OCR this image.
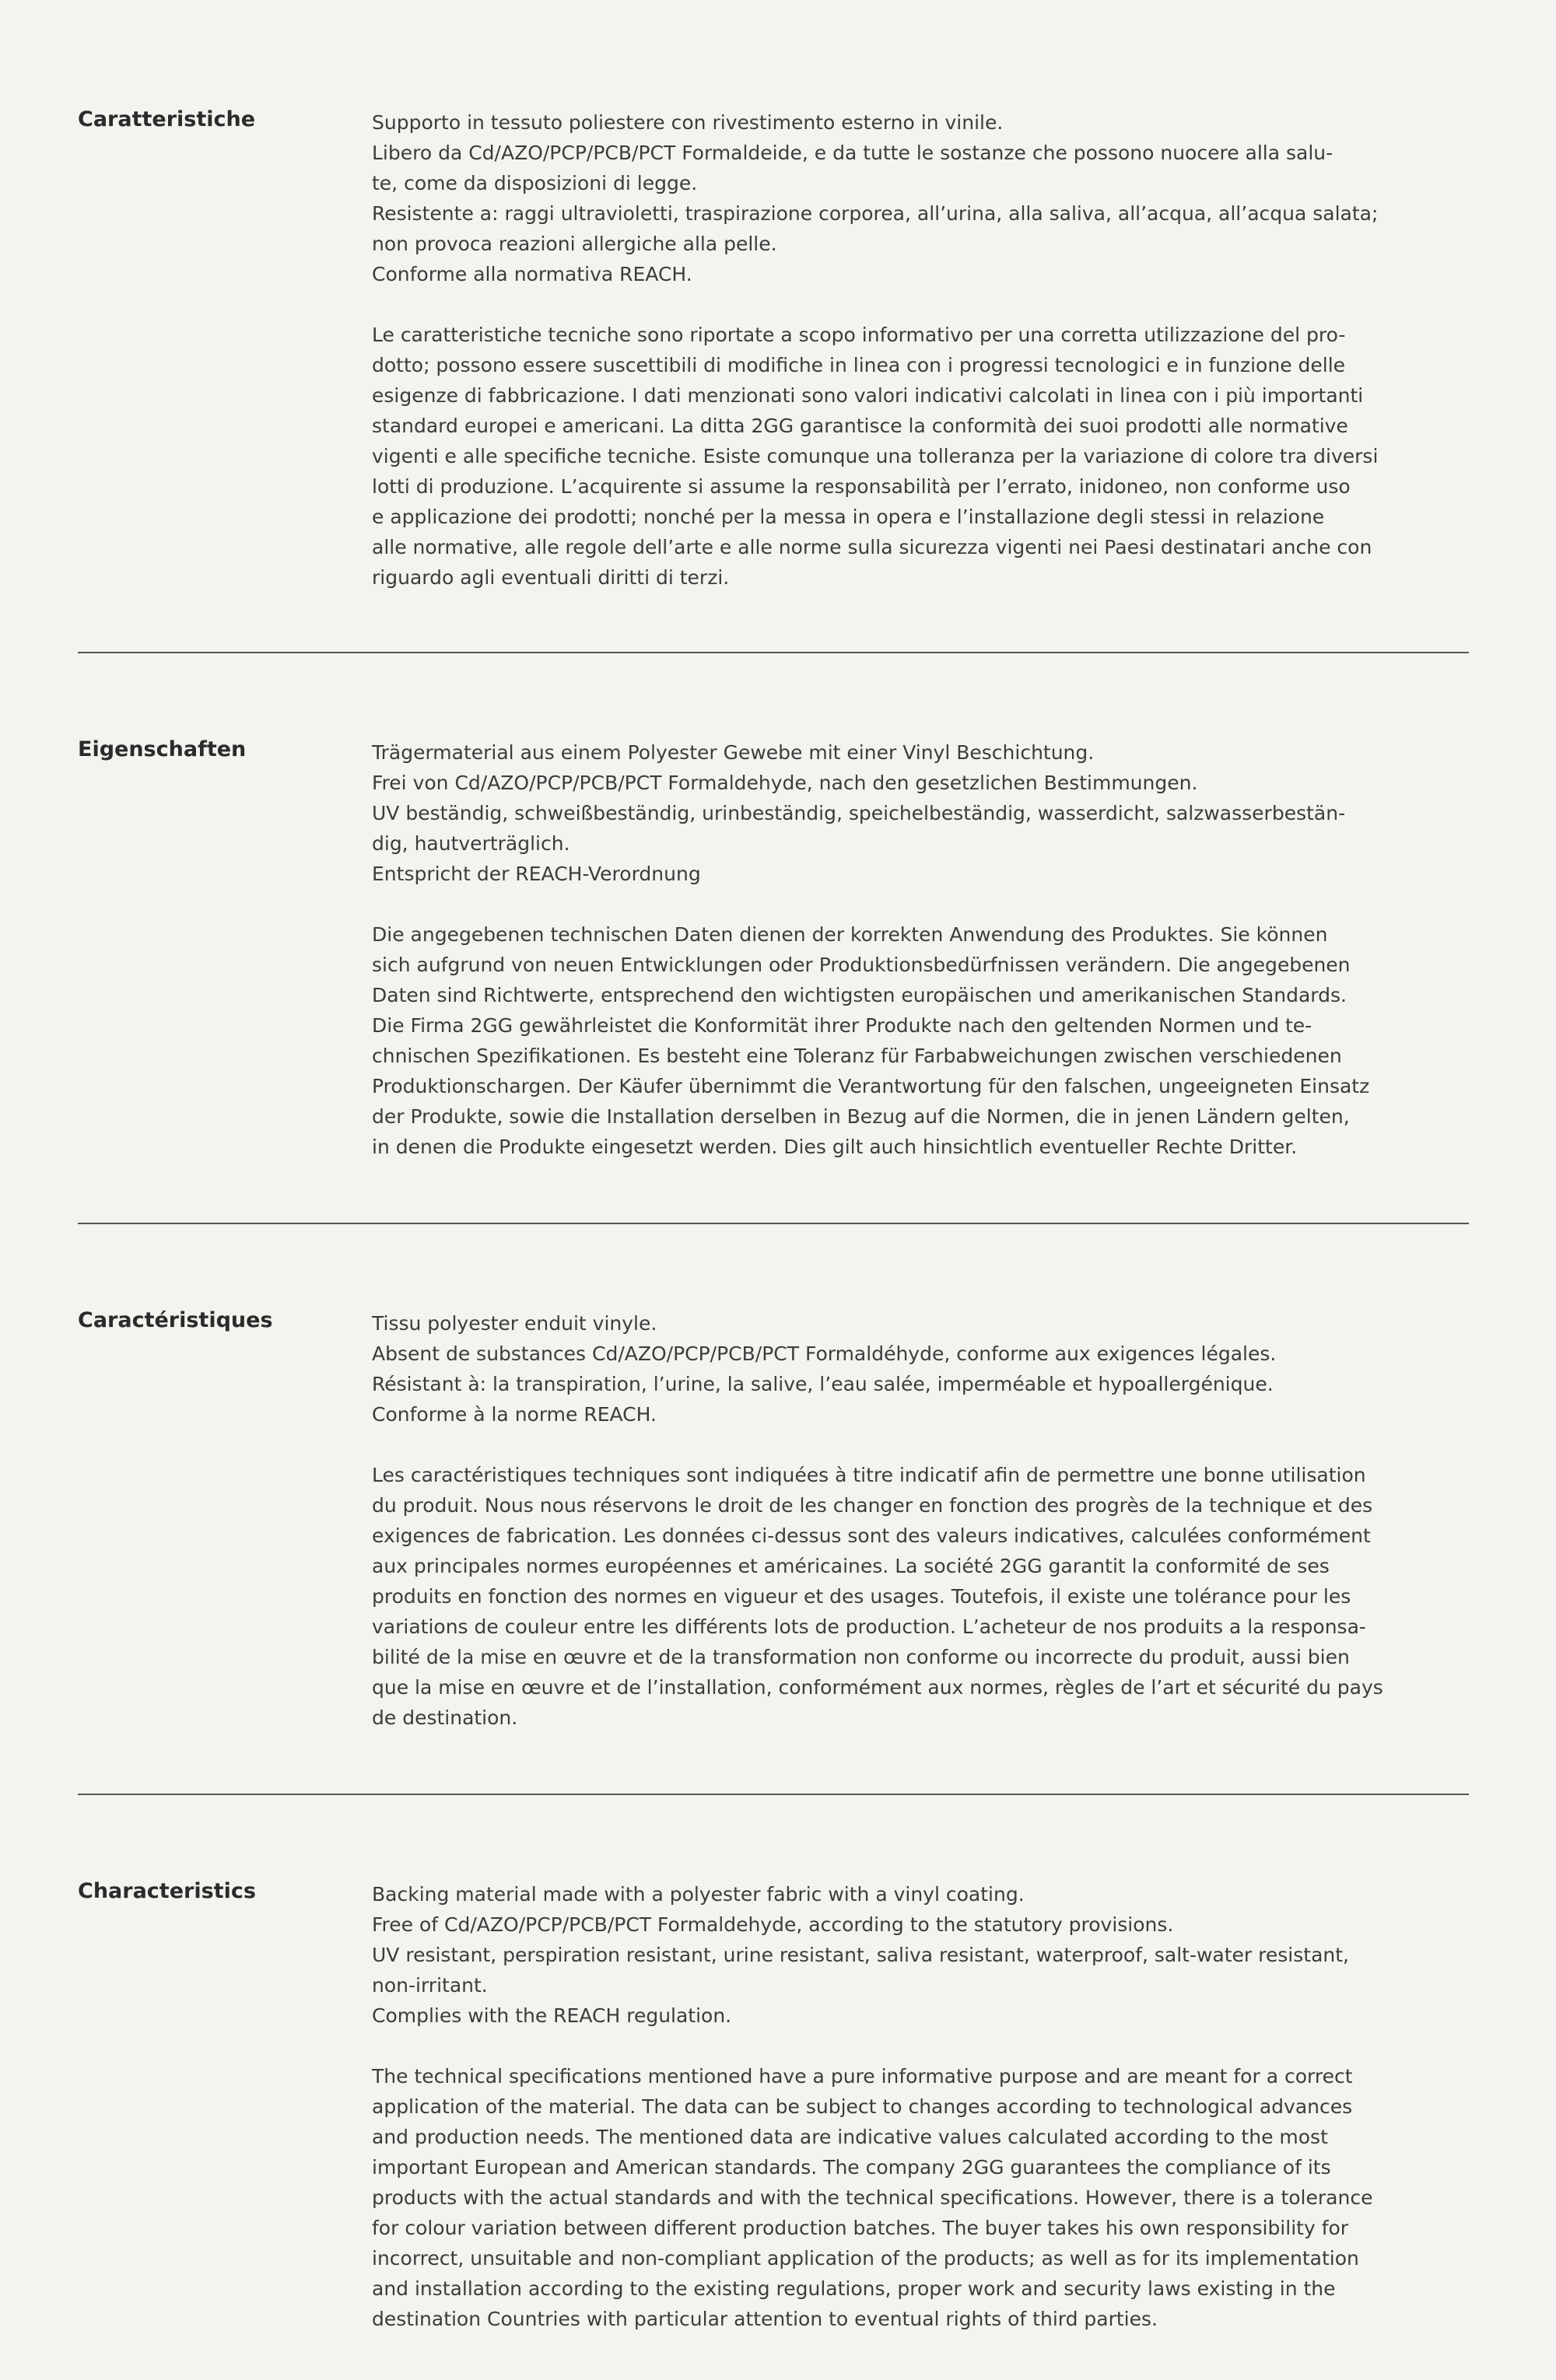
Caratteristiche	Supporto in tessuto poliestere con rivestimento esterno in vinile.
Libero da Cd/AZO/PCP/PCB/PCT Formaldeide, e da tutte le sostanze che possono nuocere alla salu-
te, come da disposizioni di legge.
Resistente a: raggi ultravioletti, traspirazione corporea, all’urina, alla saliva, all’acqua, all’acqua salata;
non provoca reazioni allergiche alla pelle.
Conforme alla normativa REACH.
Le caratteristiche tecniche sono riportate a scopo informativo per una corretta utilizzazione del pro-
dotto; possono essere suscettibili di modifiche in linea con i progressi tecnologici e in funzione delle
esigenze di fabbricazione. I dati menzionati sono valori indicativi calcolati in linea con i più importanti
standard europei e americani. La ditta 2GG garantisce la conformità dei suoi prodotti alle normative
vigenti e alle specifiche tecniche. Esiste comunque una tolleranza per la variazione di colore tra diversi
lotti di produzione. L’acquirente si assume la responsabilità per l’errato, inidoneo, non conforme uso
e applicazione dei prodotti; nonché per la messa in opera e l’installazione degli stessi in relazione
alle normative, alle regole dell’arte e alle norme sulla sicurezza vigenti nei Paesi destinatari anche con
riguardo agli eventuali diritti di terzi.
Eigenschaften	Trägermaterial aus einem Polyester Gewebe mit einer Vinyl Beschichtung.
Frei von Cd/AZO/PCP/PCB/PCT Formaldehyde, nach den gesetzlichen Bestimmungen.
UV beständig, schweißbeständig, urinbeständig, speichelbeständig, wasserdicht, salzwasserbestän-
dig, hautverträglich.
Entspricht der REACH-Verordnung
Die angegebenen technischen Daten dienen der korrekten Anwendung des Produktes. Sie können
sich aufgrund von neuen Entwicklungen oder Produktionsbedürfnissen verändern. Die angegebenen
Daten sind Richtwerte, entsprechend den wichtigsten europäischen und amerikanischen Standards.
Die Firma 2GG gewährleistet die Konformität ihrer Produkte nach den geltenden Normen und te-
chnischen Spezifikationen. Es besteht eine Toleranz für Farbabweichungen zwischen verschiedenen
Produktionschargen. Der Käufer übernimmt die Verantwortung für den falschen, ungeeigneten Einsatz
der Produkte, sowie die Installation derselben in Bezug auf die Normen, die in jenen Ländern gelten,
in denen die Produkte eingesetzt werden. Dies gilt auch hinsichtlich eventueller Rechte Dritter.
Caractéristiques	Tissu polyester enduit vinyle.
Absent de substances Cd/AZO/PCP/PCB/PCT Formaldéhyde, conforme aux exigences légales.
Résistant à: la transpiration, l’urine, la salive, l’eau salée, imperméable et hypoallergénique.
Conforme à la norme REACH.
Les caractéristiques techniques sont indiquées à titre indicatif afin de permettre une bonne utilisation
du produit. Nous nous réservons le droit de les changer en fonction des progrès de la technique et des
exigences de fabrication. Les données ci-dessus sont des valeurs indicatives, calculées conformément
aux principales normes européennes et américaines. La société 2GG garantit la conformité de ses
produits en fonction des normes en vigueur et des usages. Toutefois, il existe une tolérance pour les
variations de couleur entre les différents lots de production. L’acheteur de nos produits a la responsa-
bilité de la mise en œuvre et de la transformation non conforme ou incorrecte du produit, aussi bien
que la mise en œuvre et de l’installation, conformément aux normes, règles de l’art et sécurité du pays
de destination.
Characteristics	Backing material made with a polyester fabric with a vinyl coating.
Free of Cd/AZO/PCP/PCB/PCT Formaldehyde, according to the statutory provisions.
UV resistant, perspiration resistant, urine resistant, saliva resistant, waterproof, salt-water resistant,
non-irritant.
Complies with the REACH regulation.
The technical specifications mentioned have a pure informative purpose and are meant for a correct
application of the material. The data can be subject to changes according to technological advances
and production needs. The mentioned data are indicative values calculated according to the most
important European and American standards. The company 2GG guarantees the compliance of its
products with the actual standards and with the technical specifications. However, there is a tolerance
for colour variation between different production batches. The buyer takes his own responsibility for
incorrect, unsuitable and non-compliant application of the products; as well as for its implementation
and installation according to the existing regulations, proper work and security laws existing in the
destination Countries with particular attention to eventual rights of third parties.
